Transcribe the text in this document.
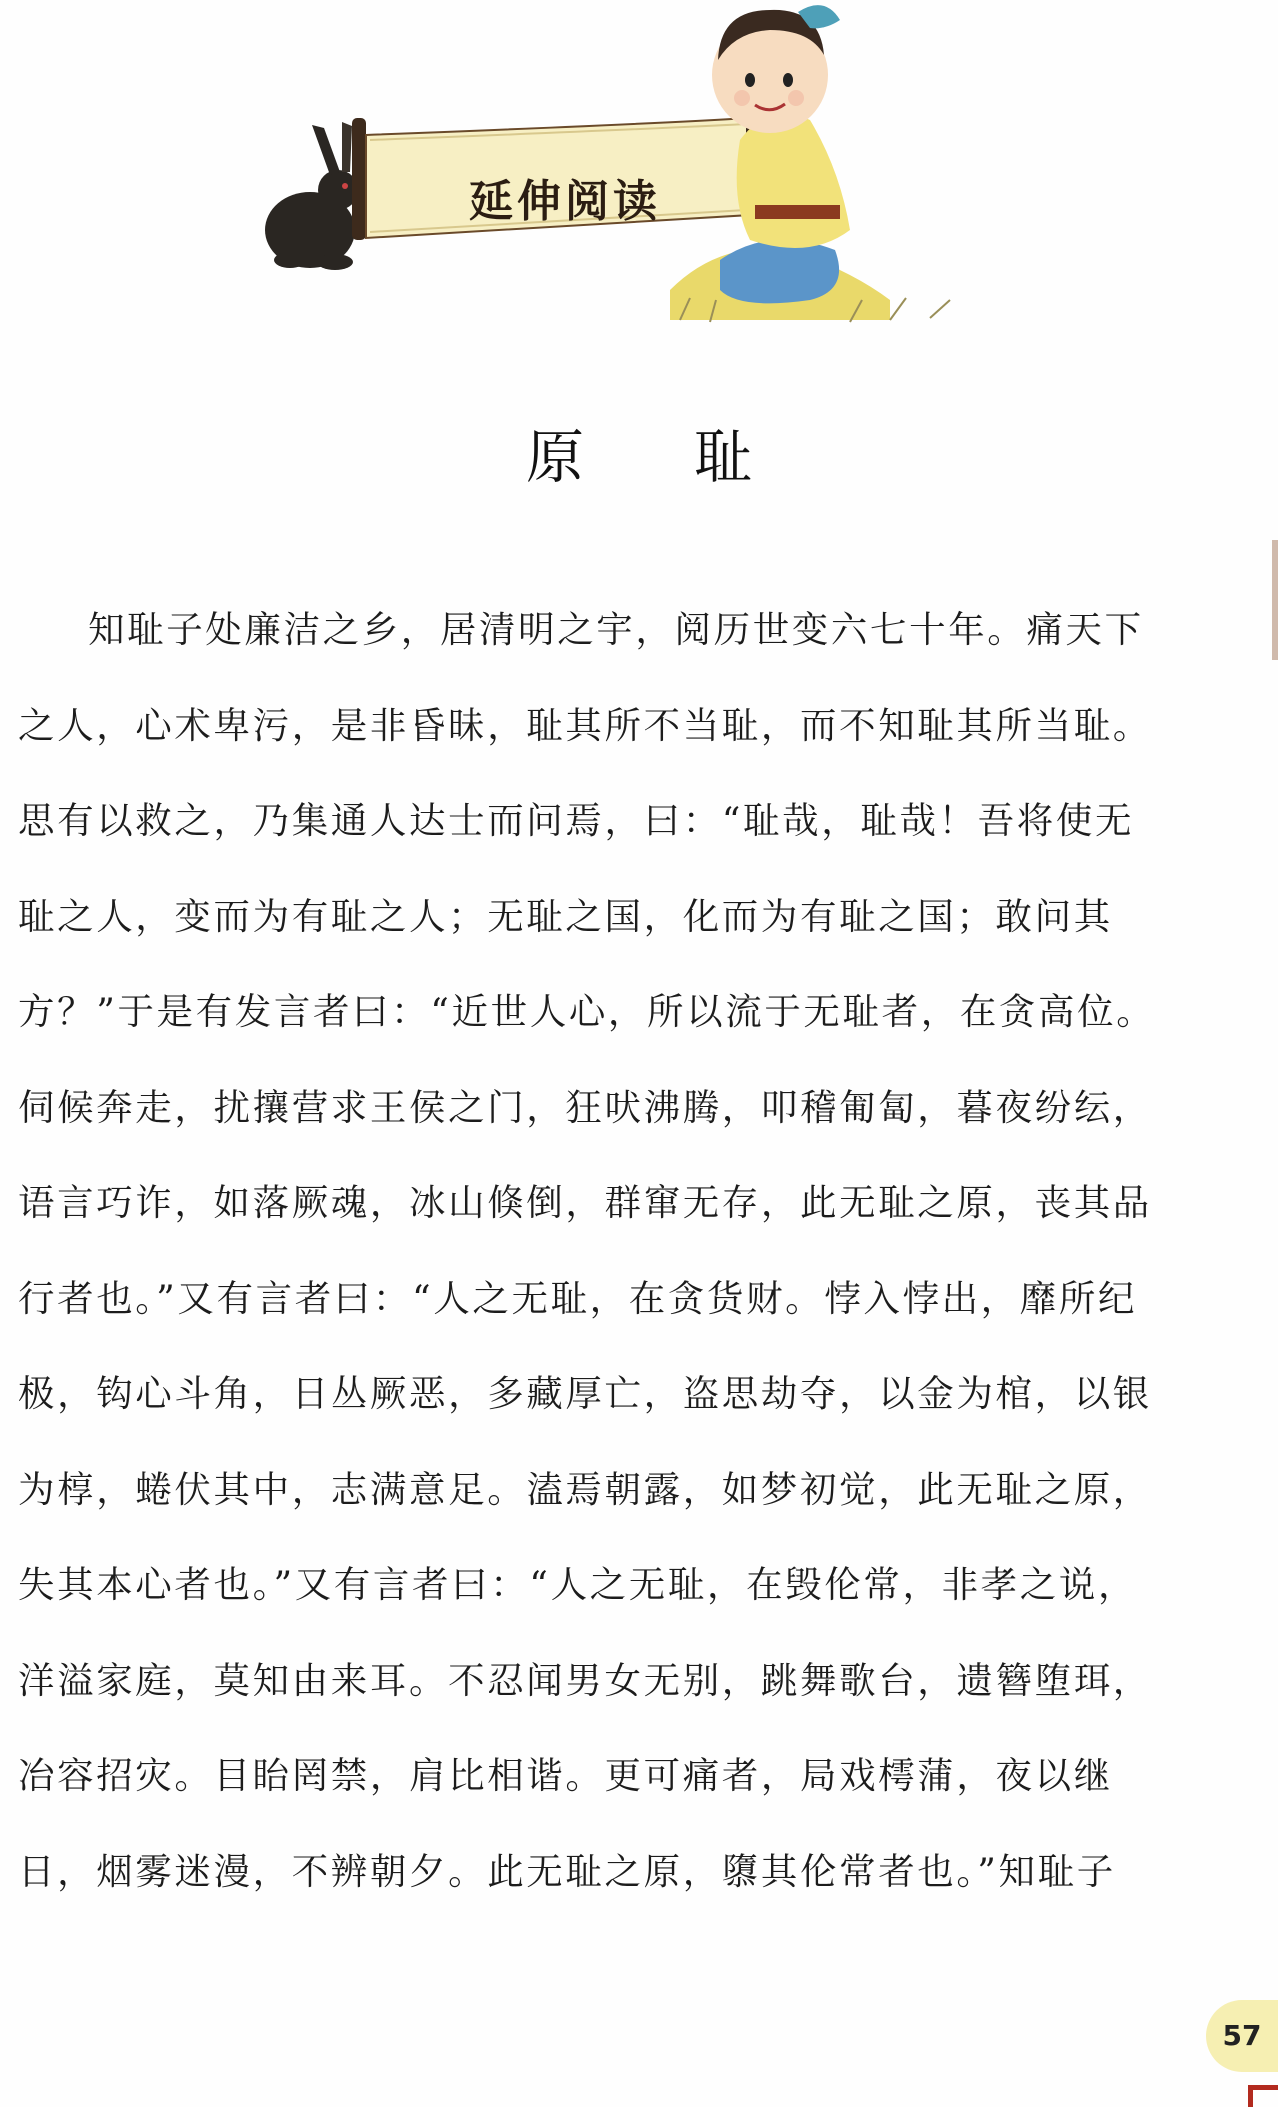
延伸阅读
原耻
知耻子处廉洁之乡，居清明之宇，阅历世变六七十年。痛天下
之人，心术卑污，是非昏昧，耻其所不当耻，而不知耻其所当耻。
思有以救之，乃集通人达士而问焉，曰：“耻哉，耻哉！吾将使无
耻之人，变而为有耻之人；无耻之国，化而为有耻之国；敢问其
方？”于是有发言者曰：“近世人心，所以流于无耻者，在贪高位。
伺候奔走，扰攘营求王侯之门，狂吠沸腾，叩稽匍匐，暮夜纷纭，
语言巧诈，如落厥魂，冰山倏倒，群窜无存，此无耻之原，丧其品
行者也。”又有言者曰：“人之无耻，在贪货财。悖入悖出，靡所纪
极，钩心斗角，日丛厥恶，多藏厚亡，盗思劫夺，以金为棺，以银
为椁，蜷伏其中，志满意足。溘焉朝露，如梦初觉，此无耻之原，
失其本心者也。”又有言者曰：“人之无耻，在毁伦常，非孝之说，
洋溢家庭，莫知由来耳。不忍闻男女无别，跳舞歌台，遗簪堕珥，
冶容招灾。目眙罔禁，肩比相谐。更可痛者，局戏樗蒲，夜以继
日，烟雾迷漫，不辨朝夕。此无耻之原，隳其伦常者也。”知耻子
57
